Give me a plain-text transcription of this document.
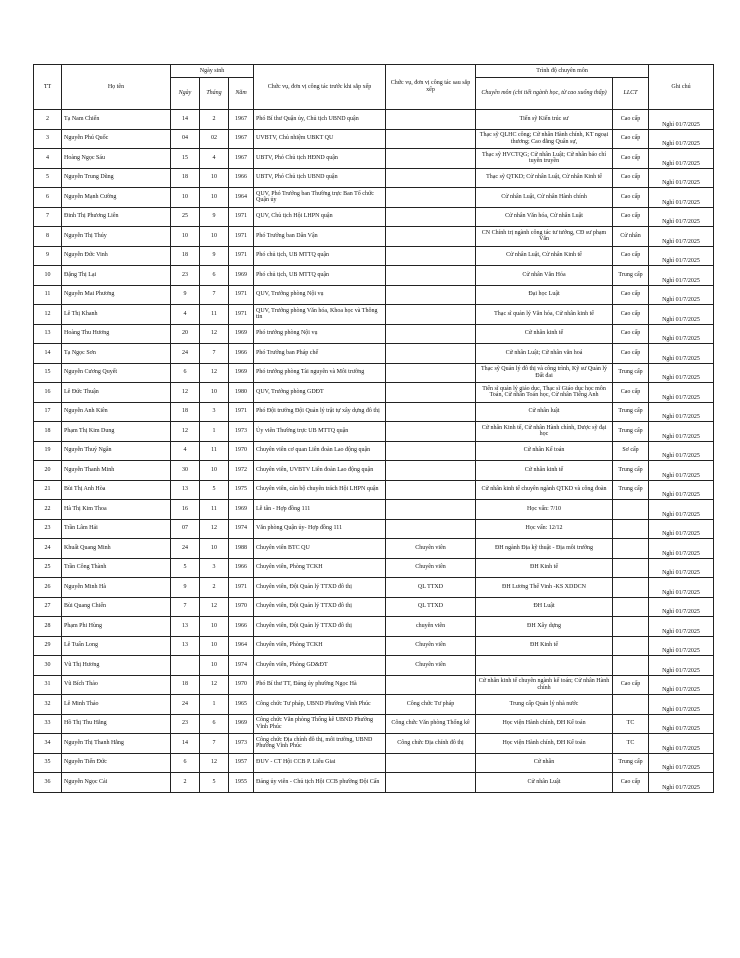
TT	Họ tên	Ngày sinh			Chức vụ, đơn vị công tác trước khi sắp xếp	Chức vụ, đơn vị công tác sau sắp xếp	Trình độ chuyên môn		Ghi chú
		Ngày	Tháng	Năm			Chuyên môn (chi tiết ngành học, từ cao xuống thấp)	LLCT	
2	Tạ Nam Chiến	14	2	1967	Phó Bí thư Quận ủy, Chủ tịch UBND quận		Tiến sỹ Kiến trúc sư	Cao cấp	Nghỉ 01/7/2025
3	Nguyễn Phú Quốc	04	02	1967	UVBTV, Chủ nhiệm UBKT QU		Thạc sỹ QLHC công; Cử nhân Hành chính, KT ngoại thương; Cao đẳng Quân sự,	Cao cấp	Nghỉ 01/7/2025
4	Hoàng Ngọc Sáu	15	4	1967	UBTV, Phó Chủ tịch HĐND quận		Thạc sỹ HVCTQG; Cử nhân Luật; Cử nhân báo chí tuyên truyền	Cao cấp	Nghỉ 01/7/2025
5	Nguyễn Trung Dũng	18	10	1966	UBTV, Phó Chủ tịch UBND quận		Thạc sỹ QTKD; Cử nhân Luật, Cử nhân Kinh tế	Cao cấp	Nghỉ 01/7/2025
6	Nguyễn Mạnh Cường	10	10	1964	QUV, Phó Trưởng ban Thường trực Ban Tổ chức Quận ủy		Cử nhân Luật, Cử nhân Hành chính	Cao cấp	Nghỉ 01/7/2025
7	Đinh Thị Phương Liên	25	9	1971	QUV, Chủ tịch Hội LHPN quận		Cử nhân Văn hóa, Cử nhân Luật	Cao cấp	Nghỉ 01/7/2025
8	Nguyễn Thị Thúy	10	10	1971	Phó Trưởng ban Dân Vận		CN Chính trị ngành công tác tư tưởng, CĐ sư phạm Văn	Cử nhân	Nghỉ 01/7/2025
9	Nguyễn Đức Vinh	18	9	1971	Phó chủ tịch, UB MTTQ quận		Cử nhân Luật, Cử nhân Kinh tế	Cao cấp	Nghỉ 01/7/2025
10	Đặng Thị Lại	23	6	1969	Phó chủ tịch, UB MTTQ quận		Cử nhân Văn Hóa	Trung cấp	Nghỉ 01/7/2025
11	Nguyễn Mai Phương	9	7	1971	QUV, Trưởng phòng Nội vụ		Đại học Luật	Cao cấp	Nghỉ 01/7/2025
12	Lê Thị Khanh	4	11	1971	QUV, Trưởng phòng Văn hóa, Khoa học và Thông tin		Thạc sĩ quản lý Văn hóa, Cử nhân kinh tế	Cao cấp	Nghỉ 01/7/2025
13	Hoàng Thu Hương	20	12	1969	Phó trưởng phòng Nội vụ		Cử nhân kinh tế	Cao cấp	Nghỉ 01/7/2025
14	Tạ Ngọc Sơn	24	7	1966	Phó Trưởng ban Pháp chế		Cử nhân Luật; Cử nhân văn hoá	Cao cấp	Nghỉ 01/7/2025
15	Nguyễn Cương Quyết	6	12	1969	Phó trưởng phòng Tài nguyên và Môi trường		Thạc sỹ Quản lý đô thị và công trình, Kỹ sư Quản lý Đất đai	Trung cấp	Nghỉ 01/7/2025
16	Lê Đức Thuận	12	10	1980	QUV, Trưởng phòng GDĐT		Tiến sĩ quản lý giáo dục, Thạc sĩ Giáo dục học môn Toán, Cử nhân Toán học, Cử nhân Tiếng Anh	Cao cấp	Nghỉ 01/7/2025
17	Nguyễn Anh Kiên	18	3	1971	Phó Đội trưởng Đội Quản lý trật tự xây dựng đô thị		Cử nhân luật	Trung cấp	Nghỉ 01/7/2025
18	Phạm Thị Kim Dung	12	1	1973	Ủy viên Thường trực UB MTTQ quận		Cử nhân Kinh tế, Cử nhân Hành chính, Dược sỹ đại học	Trung cấp	Nghỉ 01/7/2025
19	Nguyễn Thuý Ngân	4	11	1970	Chuyên viên cơ quan Liên đoàn Lao động quận		Cử nhân Kế toán	Sơ cấp	Nghỉ 01/7/2025
20	Nguyễn Thanh Minh	30	10	1972	Chuyên viên, UVBTV Liên đoàn Lao động quận		Cử nhân kinh tế	Trung cấp	Nghỉ 01/7/2025
21	Bùi Thị Anh Hòa	13	5	1975	Chuyên viên, cán bộ chuyên trách Hội LHPN quận		Cử nhân kinh tế chuyên ngành QTKD và công đoàn	Trung cấp	Nghỉ 01/7/2025
22	Hà Thị Kim Thoa	16	11	1969	Lễ tân - Hợp đồng 111		Học vấn: 7/10		Nghỉ 01/7/2025
23	Trần Lâm Hải	07	12	1974	Văn phòng Quận ủy- Hợp đồng 111		Học vấn: 12/12		Nghỉ 01/7/2025
24	Khuất Quang Minh	24	10	1988	Chuyên viên BTC QU	Chuyên viên	ĐH ngành Địa kỹ thuật - Địa môi trường		Nghỉ 01/7/2025
25	Trần Công Thành	5	3	1966	Chuyên viên, Phòng TCKH	Chuyên viên	ĐH Kinh tế		Nghỉ 01/7/2025
26	Nguyễn Minh Hà	9	2	1971	Chuyên viên, Đội Quản lý TTXD đô thị	QL TTXD	ĐH Lương Thế Vinh -KS XDDCN		Nghỉ 01/7/2025
27	Bùi Quang Chiến	7	12	1970	Chuyên viên, Đội Quản lý TTXD đô thị	QL TTXD	ĐH Luật		Nghỉ 01/7/2025
28	Phạm Phi Hùng	13	10	1966	Chuyên viên, Đội Quản lý TTXD đô thị	chuyên viên	ĐH Xây dựng		Nghỉ 01/7/2025
29	Lê Tuấn Long	13	10	1964	Chuyên viên, Phòng TCKH	Chuyên viên	ĐH Kinh tế		Nghỉ 01/7/2025
30	Vũ Thị Hương		10	1974	Chuyên viên, Phòng GD&ĐT	Chuyên viên			Nghỉ 01/7/2025
31	Vũ Bích Thảo	18	12	1970	Phó Bí thư TT, Đảng ủy phường Ngọc Hà		Cử nhân kinh tế chuyên ngành kế toán; Cử nhân Hành chính	Cao cấp	Nghỉ 01/7/2025
32	Lê Minh Thảo	24	1	1965	Công chức Tư pháp, UBND Phường Vĩnh Phúc	Công chức Tư pháp	Trung cấp Quản lý nhà nước		Nghỉ 01/7/2025
33	Hồ Thị Thu Hằng	23	6	1969	Công chức Văn phòng Thống kê UBND Phường Vĩnh Phúc	Công chức Văn phòng Thống kê	Học viện Hành chính, ĐH Kế toán	TC	Nghỉ 01/7/2025
34	Nguyễn Thị Thanh Hằng	14	7	1973	Công chức Địa chính đô thị, môi trường, UBND Phường Vĩnh Phúc	Công chức Địa chính đô thị	Học viện Hành chính, ĐH Kế toán	TC	Nghỉ 01/7/2025
35	Nguyễn Tiến Đức	6	12	1957	ĐUV - CT Hội CCB P. Liễu Giai		Cử nhân	Trung cấp	Nghỉ 01/7/2025
36	Nguyễn Ngọc Cải	2	5	1955	Đảng ủy viên - Chủ tịch Hội CCB phường Đội Cấn		Cử nhân Luật	Cao cấp	Nghỉ 01/7/2025
